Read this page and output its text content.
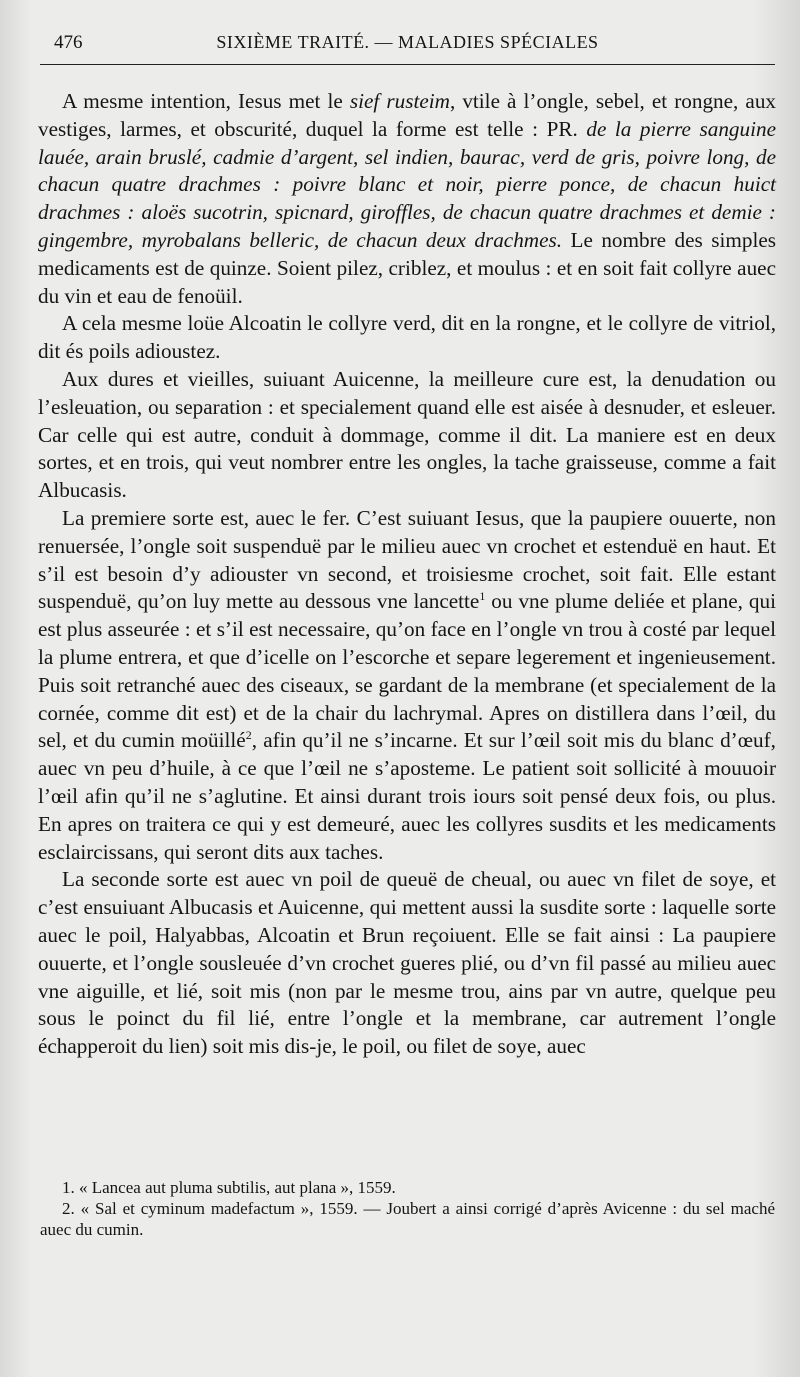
476	SIXIÈME TRAITÉ. — MALADIES SPÉCIALES

A mesme intention, Iesus met le sief rusteim, vtile à l’ongle, sebel, et rongne, aux vestiges, larmes, et obscurité, duquel la forme est telle : PR. de la pierre sanguine lauée, arain bruslé, cadmie d’argent, sel indien, baurac, verd de gris, poivre long, de chacun quatre drachmes : poivre blanc et noir, pierre ponce, de chacun huict drachmes : aloës sucotrin, spicnard, giroffles, de chacun quatre drachmes et demie : gingembre, myrobalans belleric, de chacun deux drachmes. Le nombre des simples medicaments est de quinze. Soient pilez, criblez, et moulus : et en soit fait collyre auec du vin et eau de fenoüil.

A cela mesme loüe Alcoatin le collyre verd, dit en la rongne, et le collyre de vitriol, dit és poils adioustez.

Aux dures et vieilles, suiuant Auicenne, la meilleure cure est, la denudation ou l’esleuation, ou separation : et specialement quand elle est aisée à desnuder, et esleuer. Car celle qui est autre, conduit à dommage, comme il dit. La maniere est en deux sortes, et en trois, qui veut nombrer entre les ongles, la tache graisseuse, comme a fait Albucasis.

La premiere sorte est, auec le fer. C’est suiuant Iesus, que la paupiere ouuerte, non renuersée, l’ongle soit suspenduë par le milieu auec vn crochet et estenduë en haut. Et s’il est besoin d’y adiouster vn second, et troisiesme crochet, soit fait. Elle estant suspenduë, qu’on luy mette au dessous vne lancette$^1$ ou vne plume deliée et plane, qui est plus asseurée : et s’il est necessaire, qu’on face en l’ongle vn trou à costé par lequel la plume entrera, et que d’icelle on l’escorche et separe legerement et ingenieusement. Puis soit retranché auec des ciseaux, se gardant de la membrane (et specialement de la cornée, comme dit est) et de la chair du lachrymal. Apres on distillera dans l’œil, du sel, et du cumin moüillé$^2$, afin qu’il ne s’incarne. Et sur l’œil soit mis du blanc d’œuf, auec vn peu d’huile, à ce que l’œil ne s’aposteme. Le patient soit sollicité à mouuoir l’œil afin qu’il ne s’aglutine. Et ainsi durant trois iours soit pensé deux fois, ou plus. En apres on traitera ce qui y est demeuré, auec les collyres susdits et les medicaments esclaircissans, qui seront dits aux taches.

La seconde sorte est auec vn poil de queuë de cheual, ou auec vn filet de soye, et c’est ensuiuant Albucasis et Auicenne, qui mettent aussi la susdite sorte : laquelle sorte auec le poil, Halyabbas, Alcoatin et Brun reçoiuent. Elle se fait ainsi : La paupiere ouuerte, et l’ongle sousleuée d’vn crochet gueres plié, ou d’vn fil passé au milieu auec vne aiguille, et lié, soit mis (non par le mesme trou, ains par vn autre, quelque peu sous le poinct du fil lié, entre l’ongle et la membrane, car autrement l’ongle échapperoit du lien) soit mis dis-je, le poil, ou filet de soye, auec

1. « Lancea aut pluma subtilis, aut plana », 1559.

2. « Sal et cyminum madefactum », 1559. — Joubert a ainsi corrigé d’après Avicenne : du sel maché auec du cumin.
